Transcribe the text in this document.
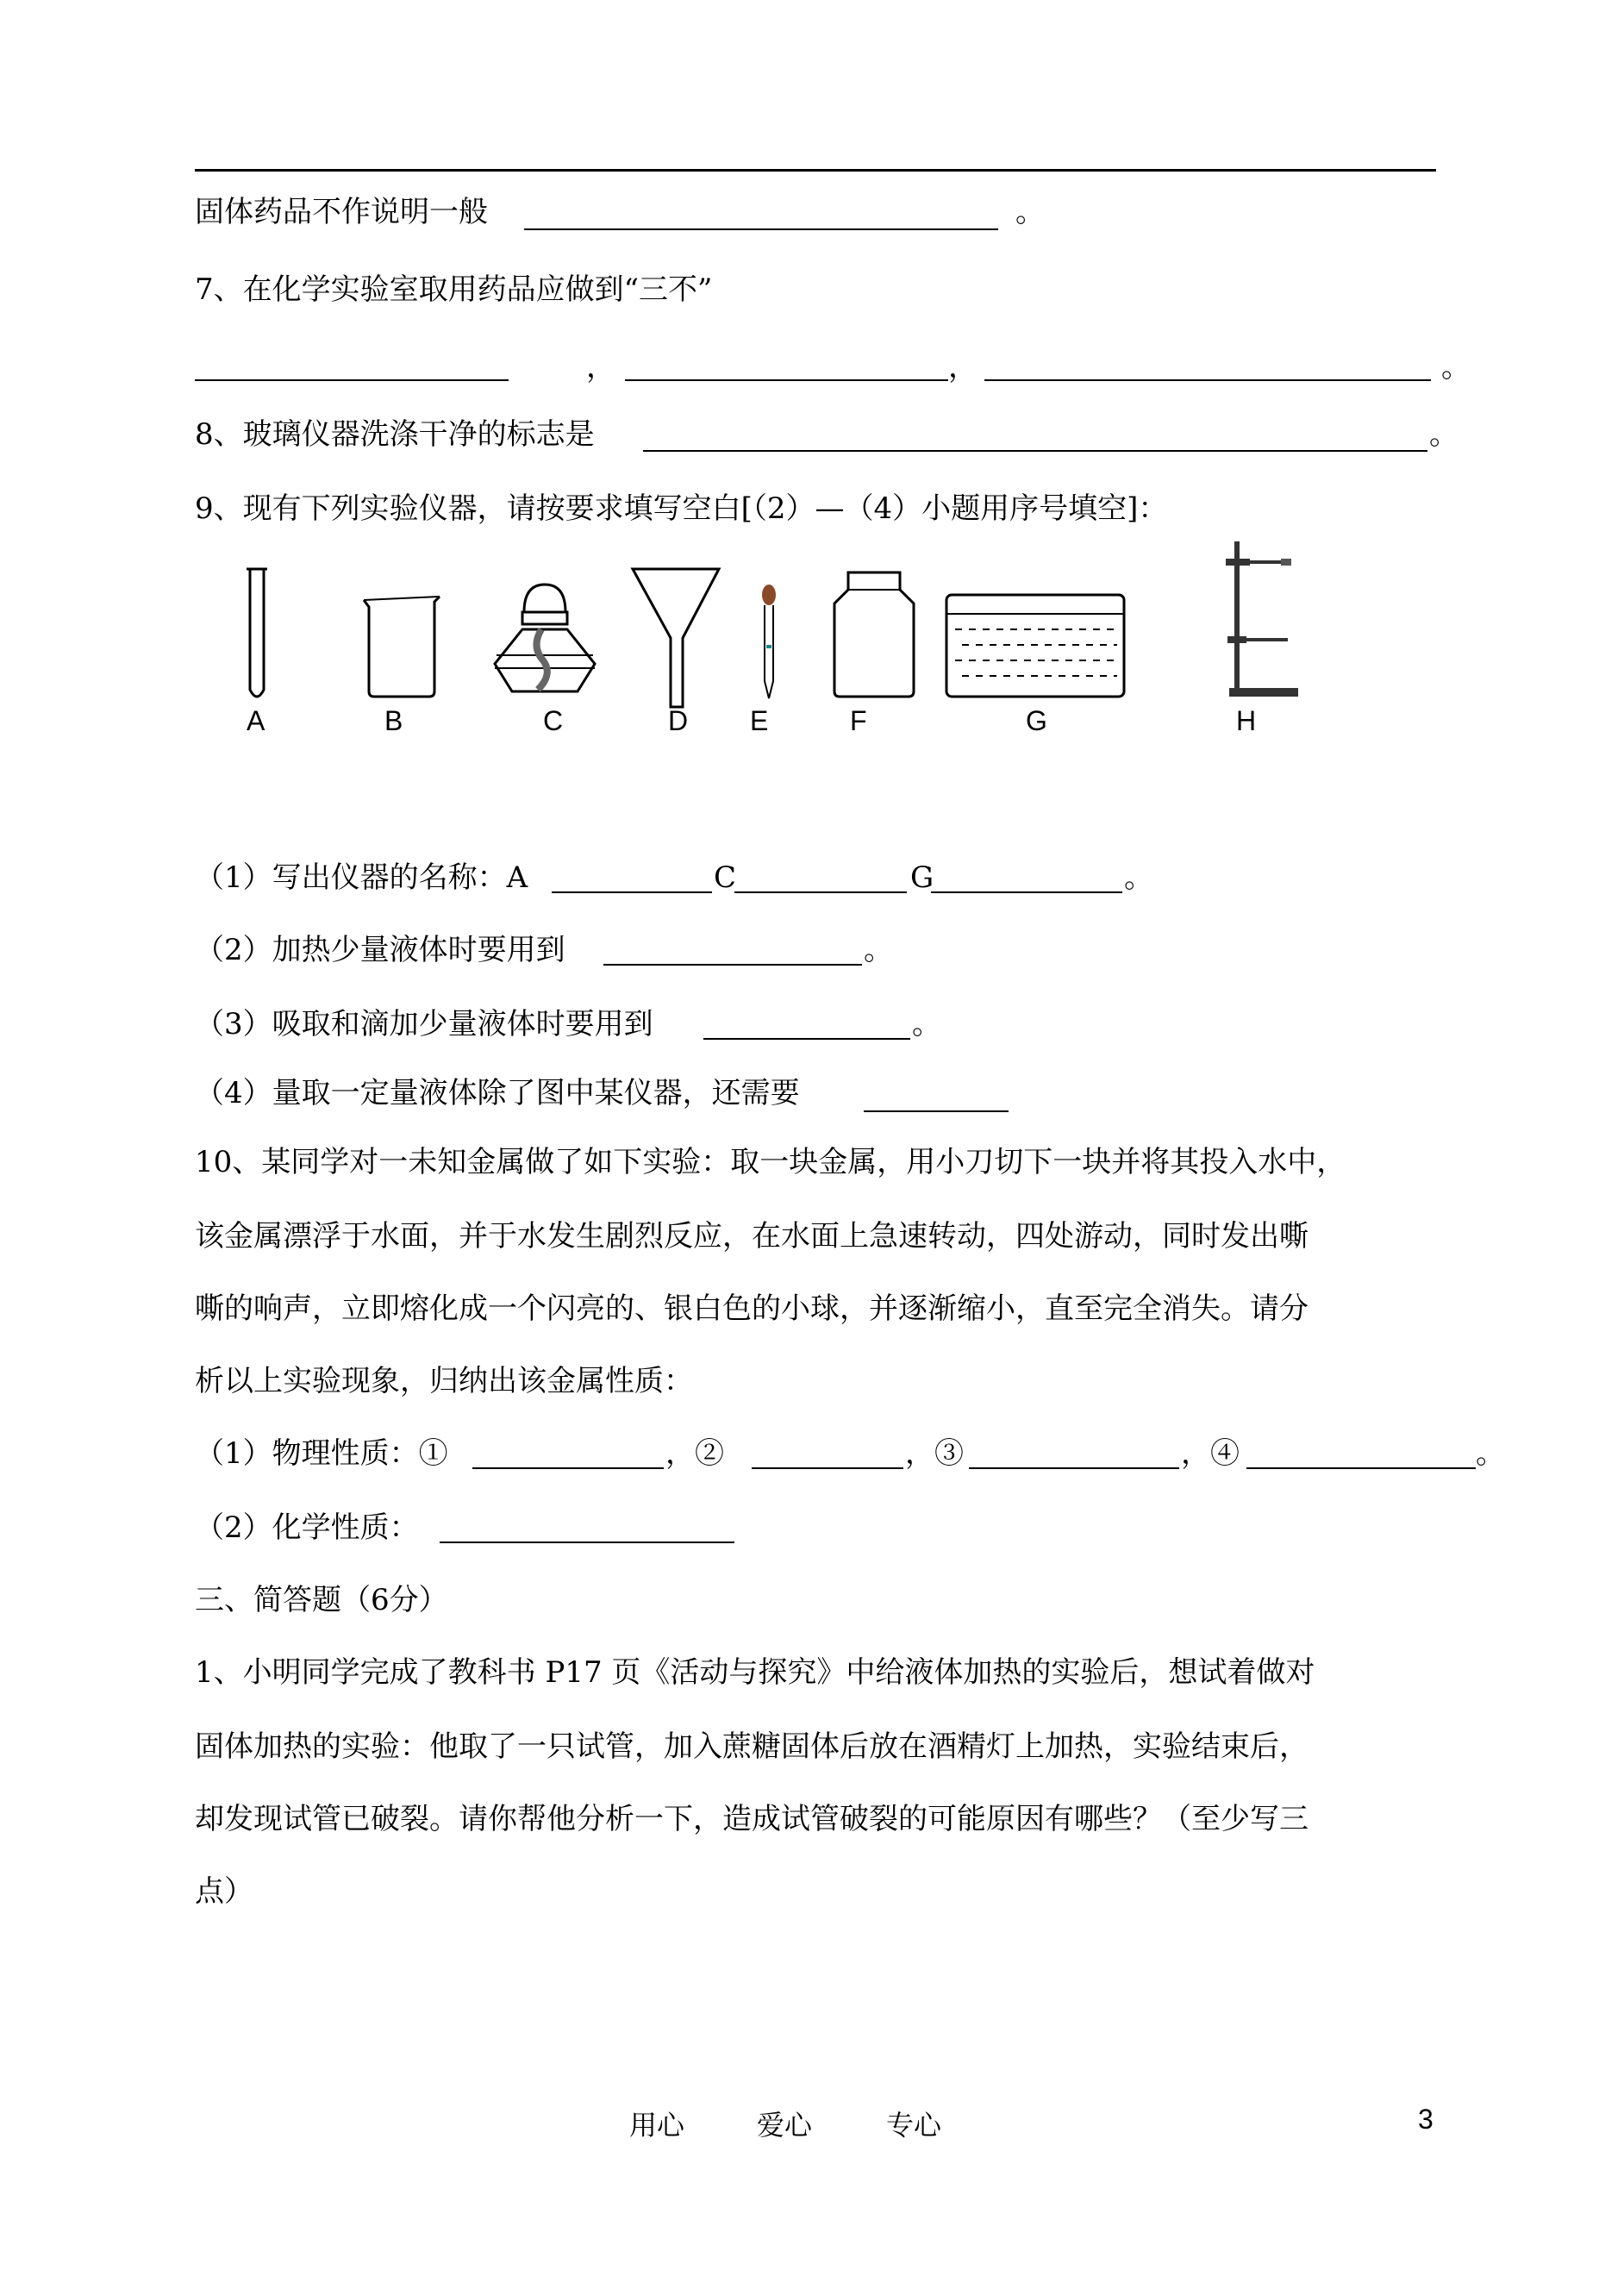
固体药品不作说明一般	。
7、在化学实验室取用药品应做到“三不”
，	，	。
8、玻璃仪器洗涤干净的标志是	。
9、现有下列实验仪器，请按要求填写空白[（2）—（4）小题用序号填空]：
A	B	C	D E	F	G	H
（1）写出仪器的名称：A	C	G	。
（2）加热少量液体时要用到	。
（3）吸取和滴加少量液体时要用到	。
（4）量取一定量液体除了图中某仪器，还需要
10、某同学对一未知金属做了如下实验：取一块金属，用小刀切下一块并将其投入水中，
该金属漂浮于水面，并于水发生剧烈反应，在水面上急速转动，四处游动，同时发出嘶
嘶的响声，立即熔化成一个闪亮的、银白色的小球，并逐渐缩小，直至完全消失。请分
析以上实验现象，归纳出该金属性质：
（1）物理性质：①	，②	，③	，④	。
（2）化学性质：
三、简答题（6分）
1、小明同学完成了教科书 P17 页《活动与探究》中给液体加热的实验后，想试着做对
固体加热的实验：他取了一只试管，加入蔗糖固体后放在酒精灯上加热，实验结束后，
却发现试管已破裂。请你帮他分析一下，造成试管破裂的可能原因有哪些？（至少写三
点）
用心	爱心	专心	3
